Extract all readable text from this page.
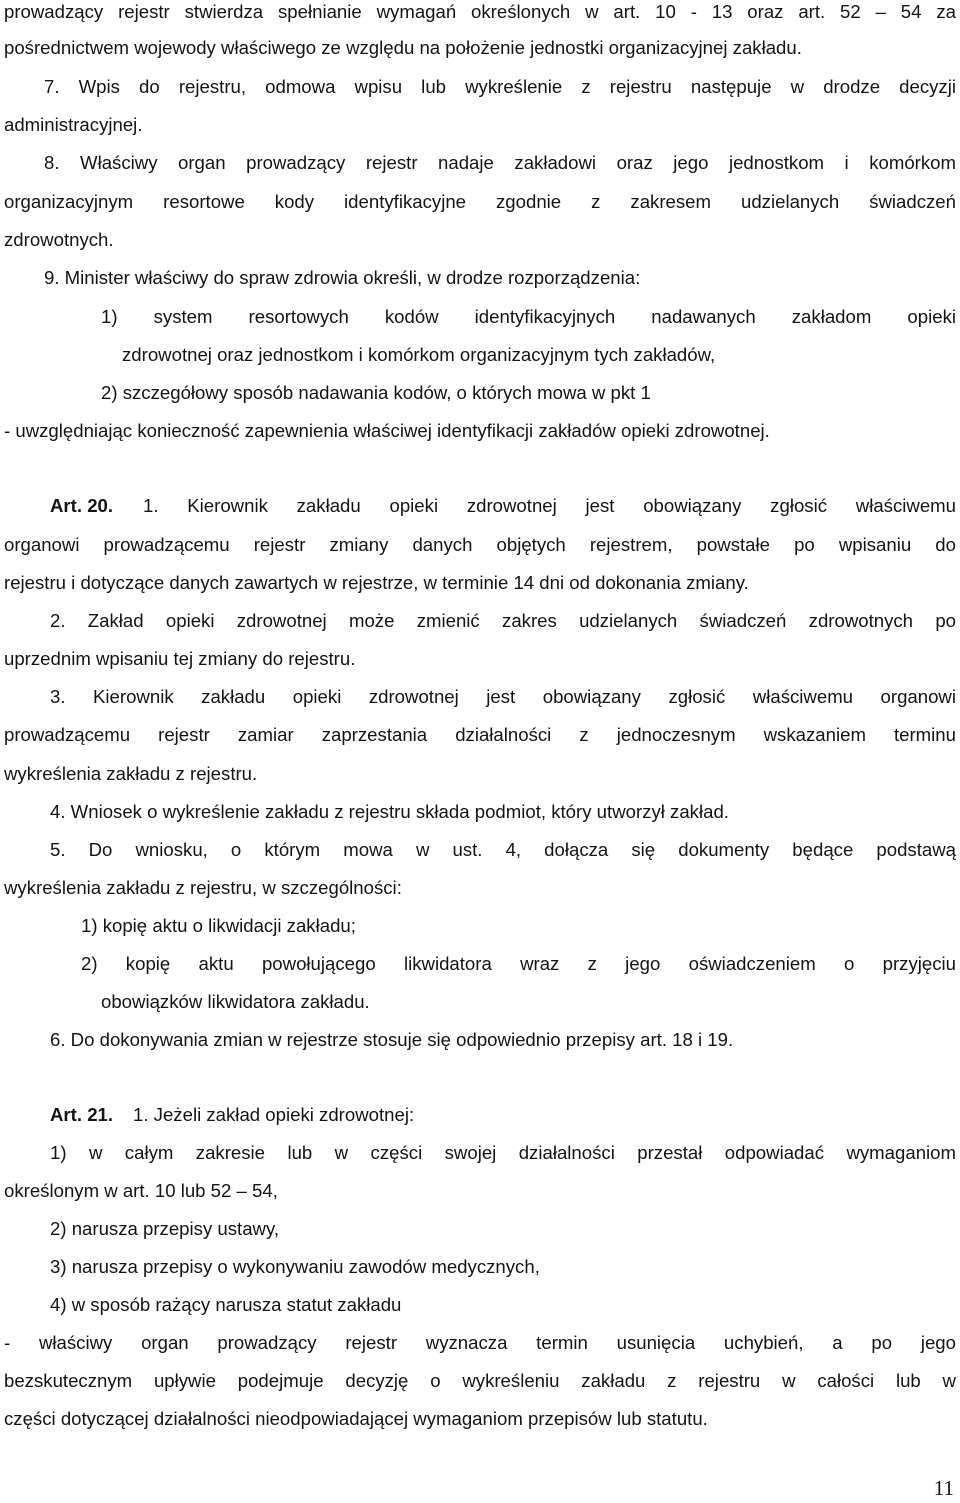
prowadzący rejestr stwierdza spełnianie wymagań określonych w art. 10 - 13 oraz art. 52 – 54 za
pośrednictwem wojewody właściwego ze względu na położenie jednostki organizacyjnej zakładu.
7. Wpis do rejestru, odmowa wpisu lub wykreślenie z rejestru następuje w drodze decyzji
administracyjnej.
8. Właściwy organ prowadzący rejestr nadaje zakładowi oraz jego jednostkom i komórkom
organizacyjnym resortowe kody identyfikacyjne zgodnie z zakresem udzielanych świadczeń
zdrowotnych.
9. Minister właściwy do spraw zdrowia określi, w drodze rozporządzenia:
1) system resortowych kodów identyfikacyjnych nadawanych zakładom opieki
zdrowotnej oraz jednostkom i komórkom organizacyjnym tych zakładów,
2) szczegółowy sposób nadawania kodów, o których mowa w pkt 1
- uwzględniając konieczność zapewnienia właściwej identyfikacji zakładów opieki zdrowotnej.
Art. 20. 1. Kierownik zakładu opieki zdrowotnej jest obowiązany zgłosić właściwemu
organowi prowadzącemu rejestr zmiany danych objętych rejestrem, powstałe po wpisaniu do
rejestru i dotyczące danych zawartych w rejestrze, w terminie 14 dni od dokonania zmiany.
2. Zakład opieki zdrowotnej może zmienić zakres udzielanych świadczeń zdrowotnych po
uprzednim wpisaniu tej zmiany do rejestru.
3. Kierownik zakładu opieki zdrowotnej jest obowiązany zgłosić właściwemu organowi
prowadzącemu rejestr zamiar zaprzestania działalności z jednoczesnym wskazaniem terminu
wykreślenia zakładu z rejestru.
4. Wniosek o wykreślenie zakładu z rejestru składa podmiot, który utworzył zakład.
5. Do wniosku, o którym mowa w ust. 4, dołącza się dokumenty będące podstawą
wykreślenia zakładu z rejestru, w szczególności:
1) kopię aktu o likwidacji zakładu;
2) kopię aktu powołującego likwidatora wraz z jego oświadczeniem o przyjęciu
obowiązków likwidatora zakładu.
6. Do dokonywania zmian w rejestrze stosuje się odpowiednio przepisy art. 18 i 19.
Art. 21. 1. Jeżeli zakład opieki zdrowotnej:
1) w całym zakresie lub w części swojej działalności przestał odpowiadać wymaganiom
określonym w art. 10 lub 52 – 54,
2) narusza przepisy ustawy,
3) narusza przepisy o wykonywaniu zawodów medycznych,
4) w sposób rażący narusza statut zakładu
- właściwy organ prowadzący rejestr wyznacza termin usunięcia uchybień, a po jego
bezskutecznym upływie podejmuje decyzję o wykreśleniu zakładu z rejestru w całości lub w
części dotyczącej działalności nieodpowiadającej wymaganiom przepisów lub statutu.
11
